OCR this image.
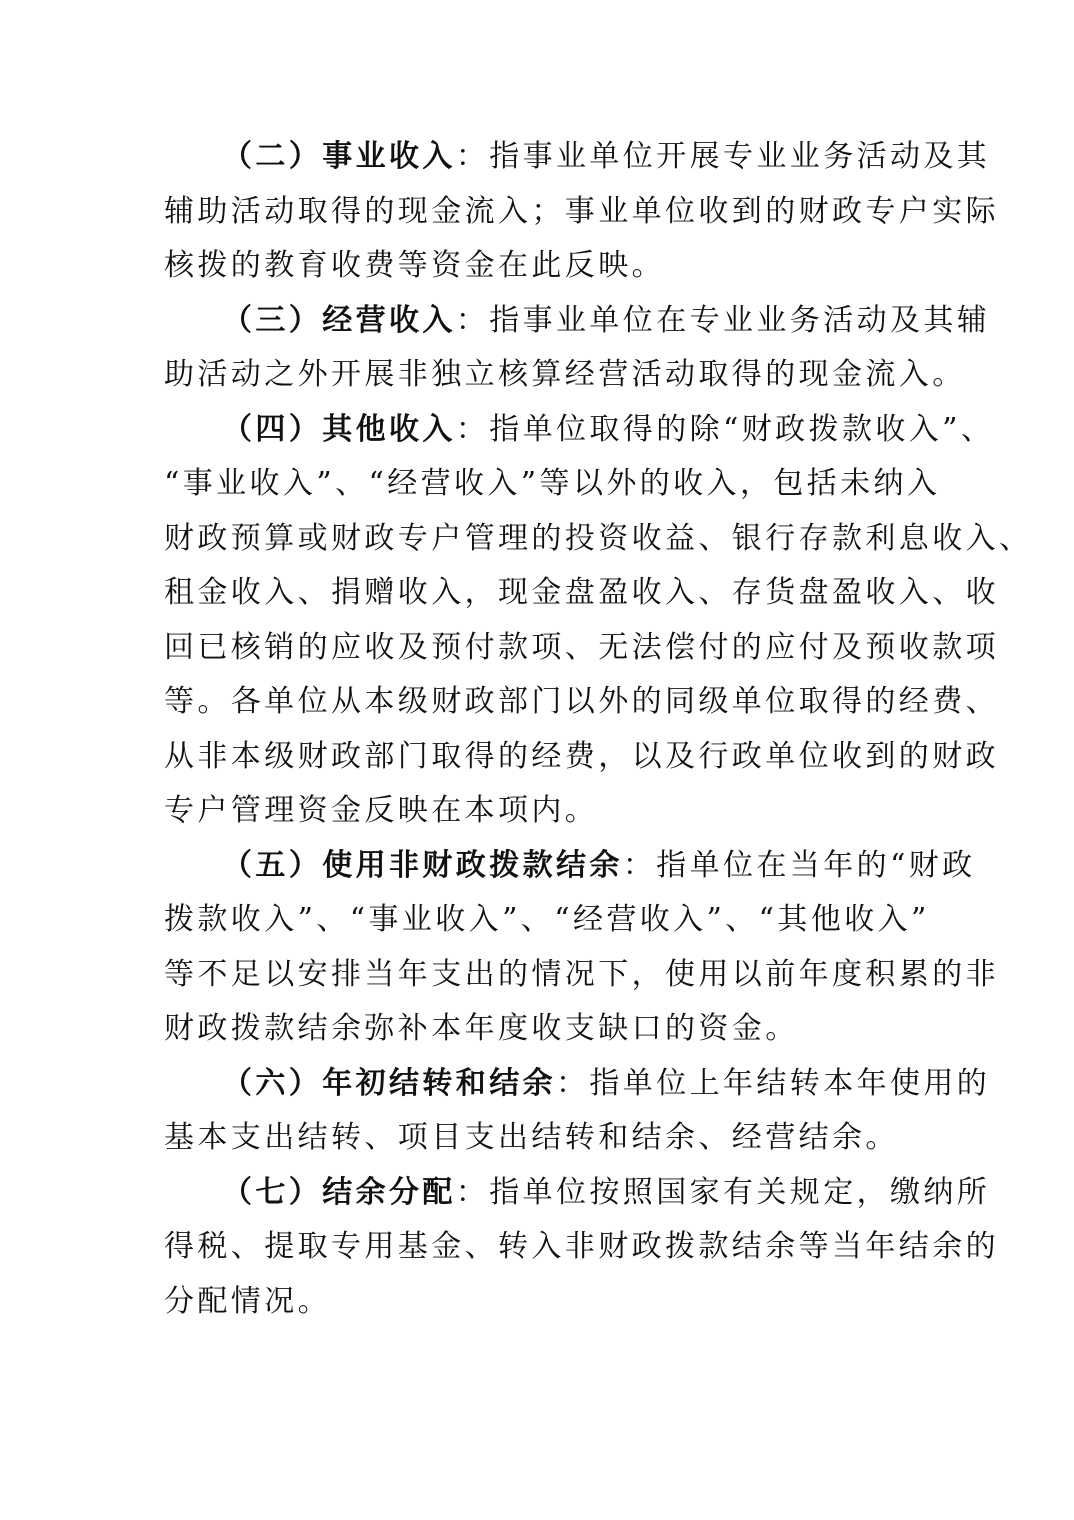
（二）事业收入：指事业单位开展专业业务活动及其
辅助活动取得的现金流入；事业单位收到的财政专户实际
核拨的教育收费等资金在此反映。
（三）经营收入：指事业单位在专业业务活动及其辅
助活动之外开展非独立核算经营活动取得的现金流入。
（四）其他收入：指单位取得的除“财政拨款收入”、
“事业收入”、“经营收入”等以外的收入，包括未纳入
财政预算或财政专户管理的投资收益、银行存款利息收入、
租金收入、捐赠收入，现金盘盈收入、存货盘盈收入、收
回已核销的应收及预付款项、无法偿付的应付及预收款项
等。各单位从本级财政部门以外的同级单位取得的经费、
从非本级财政部门取得的经费，以及行政单位收到的财政
专户管理资金反映在本项内。
（五）使用非财政拨款结余：指单位在当年的“财政
拨款收入”、“事业收入”、“经营收入”、“其他收入”
等不足以安排当年支出的情况下，使用以前年度积累的非
财政拨款结余弥补本年度收支缺口的资金。
（六）年初结转和结余：指单位上年结转本年使用的
基本支出结转、项目支出结转和结余、经营结余。
（七）结余分配：指单位按照国家有关规定，缴纳所
得税、提取专用基金、转入非财政拨款结余等当年结余的
分配情况。
